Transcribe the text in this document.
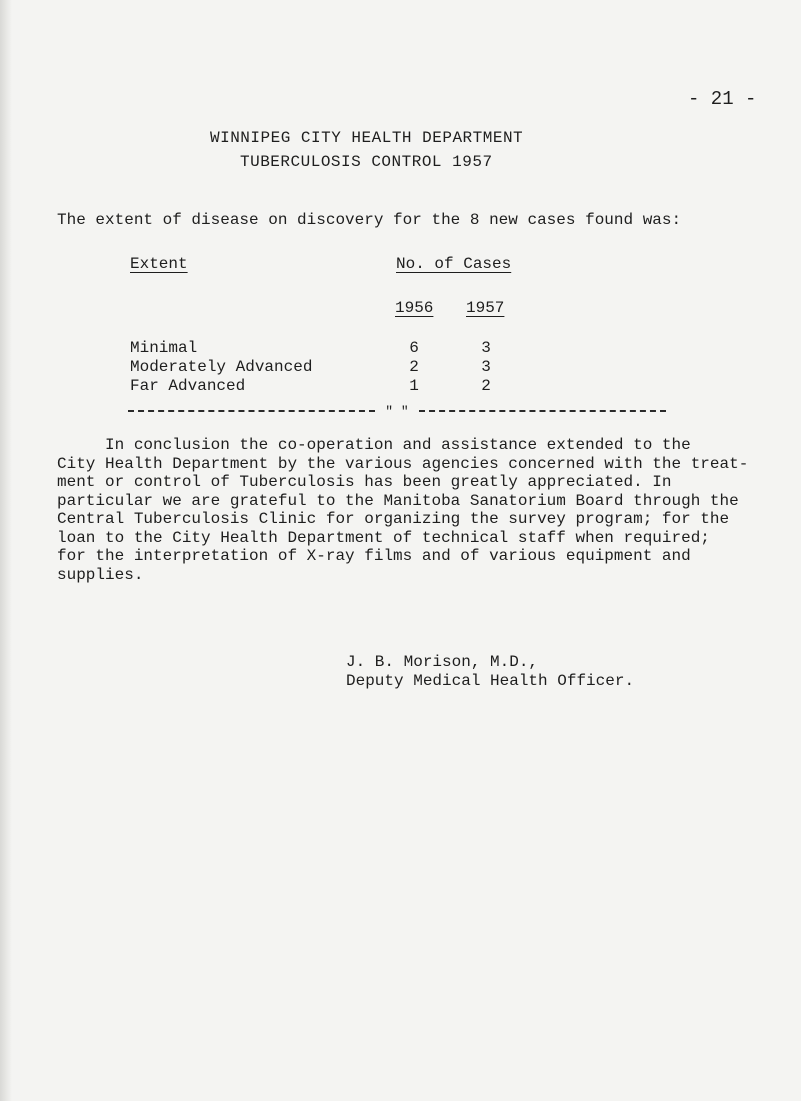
- 21 -
WINNIPEG CITY HEALTH DEPARTMENT
TUBERCULOSIS CONTROL 1957
The extent of disease on discovery for the 8 new cases found was:
Extent	No. of Cases
1956 1957
Minimal	6	3
Moderately Advanced	2	3
Far Advanced	1	2
" "
In conclusion the co-operation and assistance extended to the
City Health Department by the various agencies concerned with the treat-
ment or control of Tuberculosis has been greatly appreciated. In
particular we are grateful to the Manitoba Sanatorium Board through the
Central Tuberculosis Clinic for organizing the survey program; for the
loan to the City Health Department of technical staff when required;
for the interpretation of X-ray films and of various equipment and
supplies.
J. B. Morison, M.D.,
Deputy Medical Health Officer.
